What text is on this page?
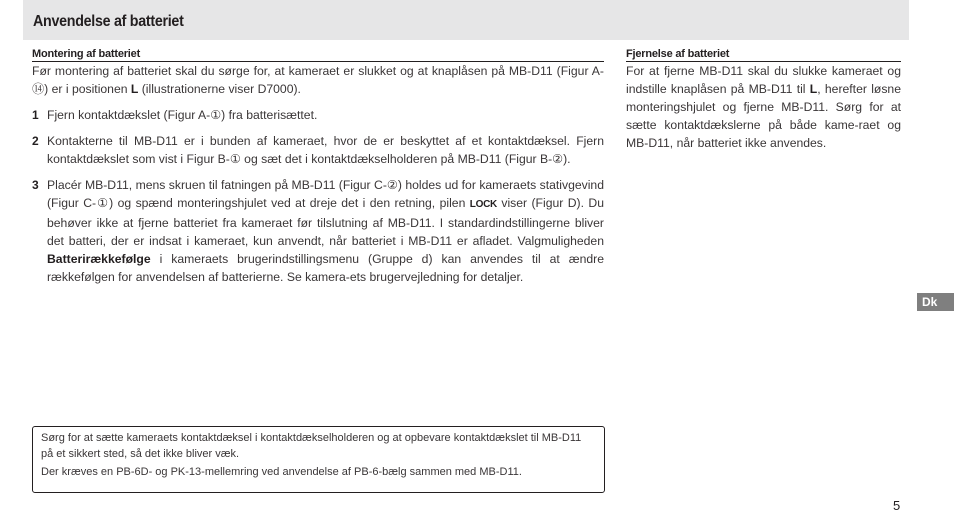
Anvendelse af batteriet
Montering af batteriet

Før montering af batteriet skal du sørge for, at kameraet er slukket og at knaplåsen på MB-D11 (Figur A-⑭) er i positionen L (illustrationerne viser D7000).

1 Fjern kontaktdækslet (Figur A-①) fra batterisættet.

2 Kontakterne til MB-D11 er i bunden af kameraet, hvor de er beskyttet af et kontaktdæksel. Fjern kontaktdækslet som vist i Figur B-① og sæt det i kontaktdækselholderen på MB-D11 (Figur B-②).

3 Placér MB-D11, mens skruen til fatningen på MB-D11 (Figur C-②) holdes ud for kameraets stativgevind (Figur C-①) og spænd monteringshjulet ved at dreje det i den retning, pilen LOCK viser (Figur D). Du behøver ikke at fjerne batteriet fra kameraet før tilslutning af MB-D11. I standardindstillingerne bliver det batteri, der er indsat i kameraet, kun anvendt, når batteriet i MB-D11 er afladet. Valgmuligheden Batterirækkefølge i kameraets brugerindstillingsmenu (Gruppe d) kan anvendes til at ændre rækkefølgen for anvendelsen af batterierne. Se kamera-ets brugervejledning for detaljer.

Fjernelse af batteriet

For at fjerne MB-D11 skal du slukke kameraet og indstille knaplåsen på MB-D11 til L, herefter løsne monteringshjulet og fjerne MB-D11. Sørg for at sætte kontaktdækslerne på både kame-raet og MB-D11, når batteriet ikke anvendes.

Sørg for at sætte kameraets kontaktdæksel i kontaktdækselholderen og at opbevare kontaktdækslet til MB-D11 på et sikkert sted, så det ikke bliver væk.

Der kræves en PB-6D- og PK-13-mellemring ved anvendelse af PB-6-bælg sammen med MB-D11.

Dk
5
